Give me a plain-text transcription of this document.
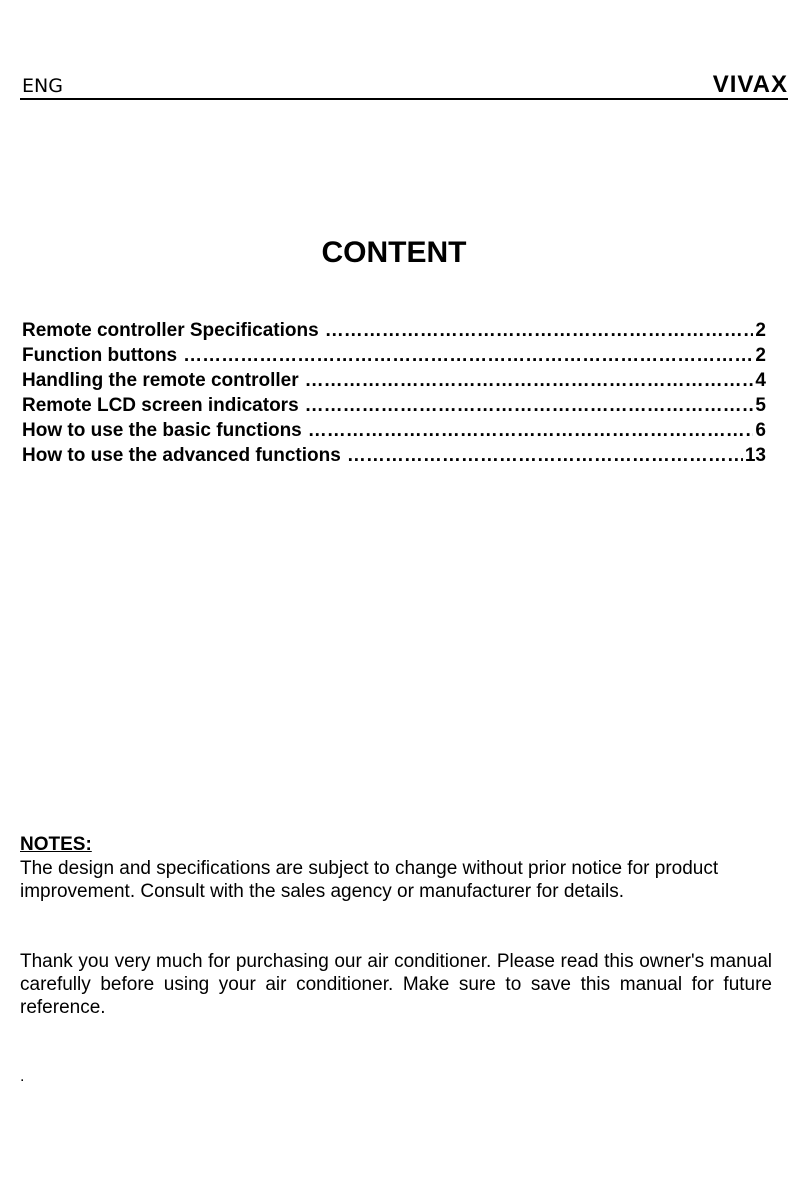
ENG	VIVAX
CONTENT
Remote controller Specifications …………………………………………………………………………………………………………………………	2
Function buttons …………………………………………………………………………………………………………………………	2
Handling the remote controller …………………………………………………………………………………………………………………………	4
Remote LCD screen indicators …………………………………………………………………………………………………………………………	5
How to use the basic functions …………………………………………………………………………………………………………………………	6
How to use the advanced functions …………………………………………………………………………………………………………………………	13
NOTES:
The design and specifications are subject to change without prior notice for product improvement. Consult with the sales agency or manufacturer for details.
Thank you very much for purchasing our air conditioner. Please read this owner's manual carefully before using your air conditioner. Make sure to save this manual for future reference.
.
